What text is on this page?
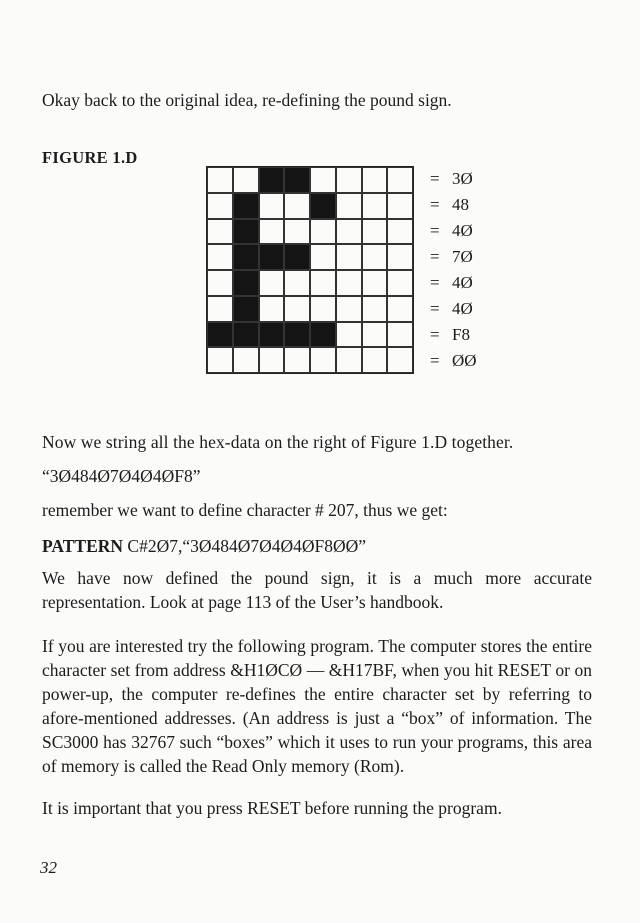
Okay back to the original idea, re-defining the pound sign.
FIGURE 1.D
= 3Ø
= 48
= 4Ø
= 7Ø
= 4Ø
= 4Ø
= F8
= ØØ
Now we string all the hex-data on the right of Figure 1.D together.
“3Ø484Ø7Ø4Ø4ØF8”
remember we want to define character # 207, thus we get:
PATTERN C#2Ø7,“3Ø484Ø7Ø4Ø4ØF8ØØ”
We have now defined the pound sign, it is a much more accurate representation. Look at page 113 of the User’s handbook.
If you are interested try the following program. The computer stores the entire character set from address &H1ØCØ — &H17BF, when you hit RESET or on power-up, the computer re-defines the entire character set by referring to afore-mentioned addresses. (An address is just a “box” of information. The SC3000 has 32767 such “boxes” which it uses to run your programs, this area of memory is called the Read Only memory (Rom).
It is important that you press RESET before running the program.
32
